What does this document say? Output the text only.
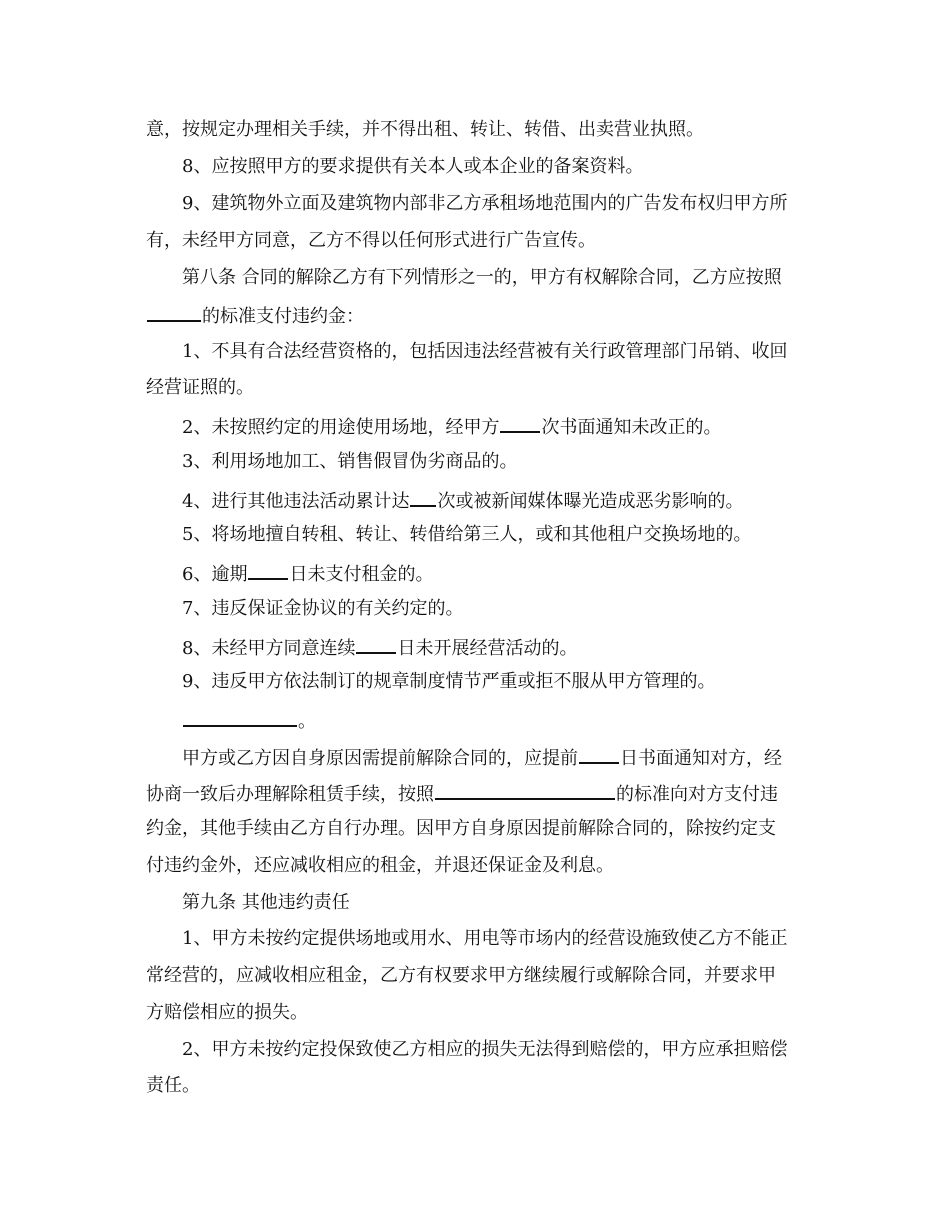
意，按规定办理相关手续，并不得出租、转让、转借、出卖营业执照。
8、应按照甲方的要求提供有关本人或本企业的备案资料。
9、建筑物外立面及建筑物内部非乙方承租场地范围内的广告发布权归甲方所
有，未经甲方同意，乙方不得以任何形式进行广告宣传。
第八条 合同的解除乙方有下列情形之一的，甲方有权解除合同，乙方应按照
的标准支付违约金：
1、不具有合法经营资格的，包括因违法经营被有关行政管理部门吊销、收回
经营证照的。
2、未按照约定的用途使用场地，经甲方 次书面通知未改正的。
3、利用场地加工、销售假冒伪劣商品的。
4、进行其他违法活动累计达 次或被新闻媒体曝光造成恶劣影响的。
5、将场地擅自转租、转让、转借给第三人，或和其他租户交换场地的。
6、逾期 日未支付租金的。
7、违反保证金协议的有关约定的。
8、未经甲方同意连续 日未开展经营活动的。
9、违反甲方依法制订的规章制度情节严重或拒不服从甲方管理的。
。
甲方或乙方因自身原因需提前解除合同的，应提前 日书面通知对方，经
协商一致后办理解除租赁手续，按照	的标准向对方支付违
约金，其他手续由乙方自行办理。因甲方自身原因提前解除合同的，除按约定支
付违约金外，还应减收相应的租金，并退还保证金及利息。
第九条 其他违约责任
1、甲方未按约定提供场地或用水、用电等市场内的经营设施致使乙方不能正
常经营的，应减收相应租金，乙方有权要求甲方继续履行或解除合同，并要求甲
方赔偿相应的损失。
2、甲方未按约定投保致使乙方相应的损失无法得到赔偿的，甲方应承担赔偿
责任。
